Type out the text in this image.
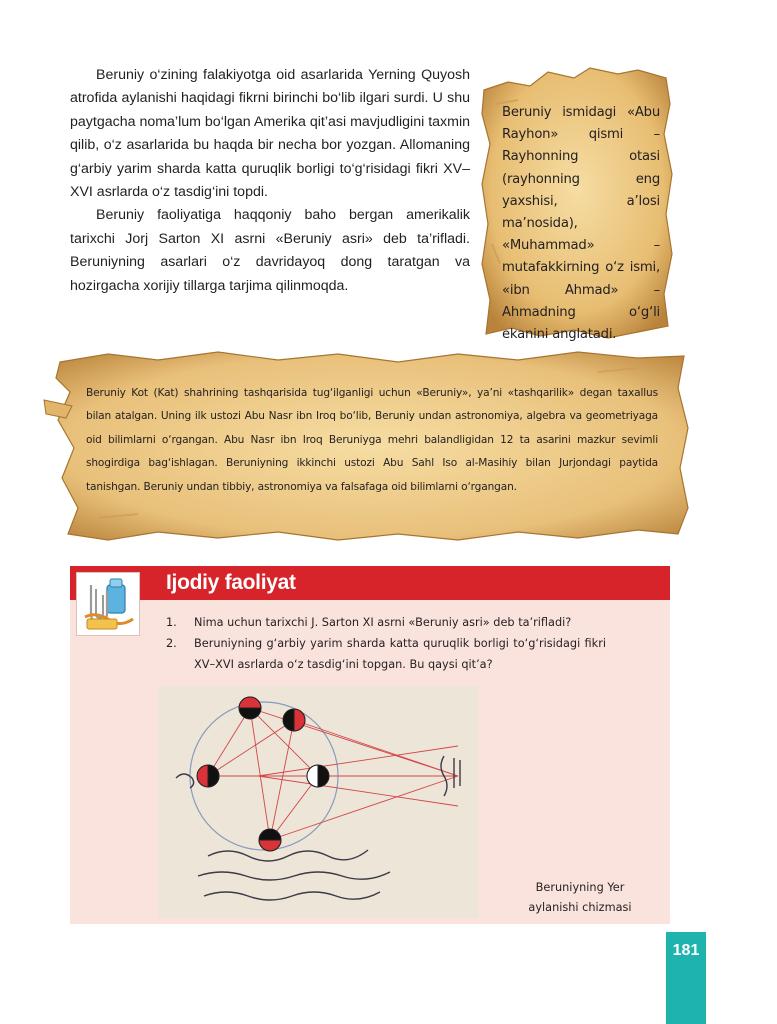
Beruniy o‘zining falakiyotga oid asarlarida Yerning Quyosh atrofida aylanishi haqidagi fikrni birinchi bo‘lib ilgari surdi. U shu paytgacha noma’lum bo‘lgan Amerika qit’asi mavjudligini taxmin qilib, o‘z asarlarida bu haqda bir necha bor yozgan. Allomaning g‘arbiy yarim sharda katta quruqlik borligi to‘g‘risidagi fikri XV–XVI asrlarda o‘z tasdig‘ini topdi.

Beruniy faoliyatiga haqqoniy baho bergan amerikalik tarixchi Jorj Sarton XI asrni «Beruniy asri» deb ta’rifladi. Beruniyning asarlari o‘z davridayoq dong taratgan va hozirgacha xorijiy tillarga tarjima qilinmoqda.

Beruniy ismidagi «Abu Rayhon» qismi – Rayhonning otasi (rayhonning eng yaxshisi, a’losi ma’nosida), «Muhammad» – mutafakkirning o‘z ismi, «ibn Ahmad» – Ahmadning o‘g‘li ekanini anglatadi.
Beruniy Kot (Kat) shahrining tashqarisida tug‘ilganligi uchun «Beruniy», ya’ni «tashqarilik» degan taxallus bilan atalgan. Uning ilk ustozi Abu Nasr ibn Iroq bo‘lib, Beruniy undan astronomiya, algebra va geometriyaga oid bilimlarni o‘rgangan. Abu Nasr ibn Iroq Beruniyga mehri balandligidan 12 ta asarini mazkur sevimli shogirdiga bag‘ishlagan. Beruniyning ikkinchi ustozi Abu Sahl Iso al-Masihiy bilan Jurjondagi paytida tanishgan. Beruniy undan tibbiy, astronomiya va falsafaga oid bilimlarni o‘rgangan.
Ijodiy faoliyat
1. Nima uchun tarixchi J. Sarton XI asrni «Beruniy asri» deb ta’rifladi?
2. Beruniyning g‘arbiy yarim sharda katta quruqlik borligi to‘g‘risidagi fikri XV–XVI asrlarda o‘z tasdig‘ini topgan. Bu qaysi qit’a?
Beruniyning Yer
aylanishi chizmasi
181
